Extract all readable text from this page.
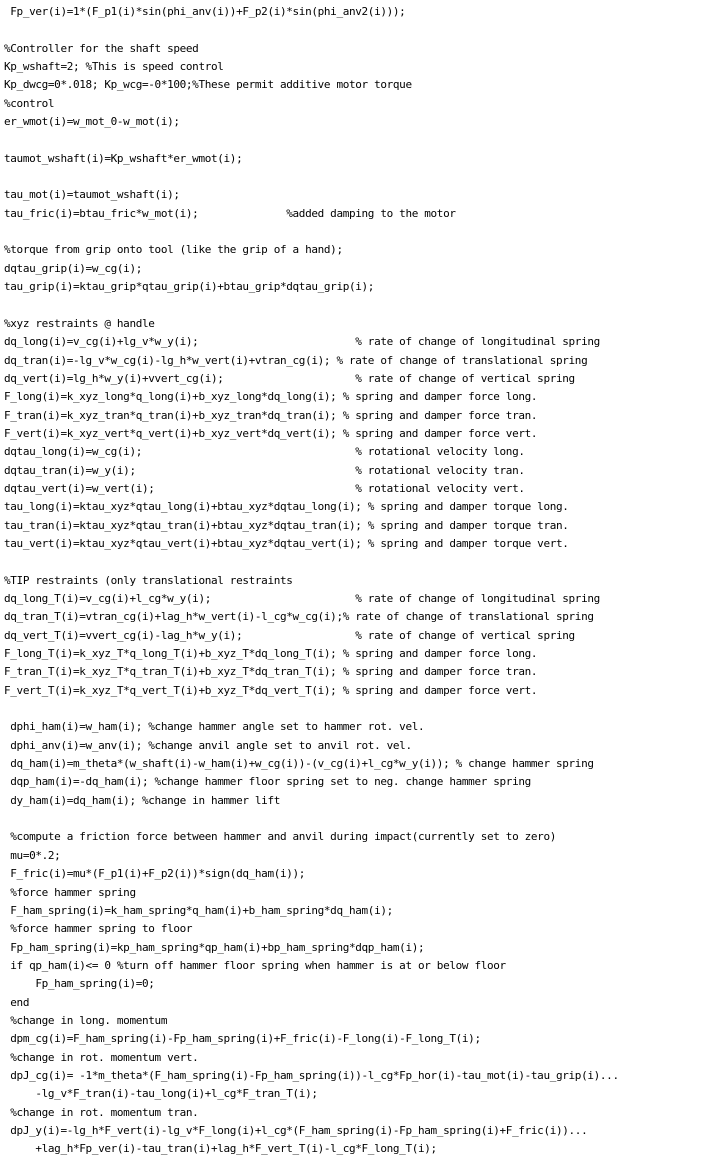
Fp_ver(i)=1*(F_p1(i)*sin(phi_anv(i))+F_p2(i)*sin(phi_anv2(i)));
%Controller for the shaft speed
Kp_wshaft=2; %This is speed control
Kp_dwcg=0*.018; Kp_wcg=-0*100;%These permit additive motor torque
%control
er_wmot(i)=w_mot_0-w_mot(i);
taumot_wshaft(i)=Kp_wshaft*er_wmot(i);
tau_mot(i)=taumot_wshaft(i);
tau_fric(i)=btau_fric*w_mot(i);              %added damping to the motor
%torque from grip onto tool (like the grip of a hand);
dqtau_grip(i)=w_cg(i);
tau_grip(i)=ktau_grip*qtau_grip(i)+btau_grip*dqtau_grip(i);
%xyz restraints @ handle
dq_long(i)=v_cg(i)+lg_v*w_y(i);                         % rate of change of longitudinal spring
dq_tran(i)=-lg_v*w_cg(i)-lg_h*w_vert(i)+vtran_cg(i); % rate of change of translational spring
dq_vert(i)=lg_h*w_y(i)+vvert_cg(i);                     % rate of change of vertical spring
F_long(i)=k_xyz_long*q_long(i)+b_xyz_long*dq_long(i); % spring and damper force long.
F_tran(i)=k_xyz_tran*q_tran(i)+b_xyz_tran*dq_tran(i); % spring and damper force tran.
F_vert(i)=k_xyz_vert*q_vert(i)+b_xyz_vert*dq_vert(i); % spring and damper force vert.
dqtau_long(i)=w_cg(i);                                  % rotational velocity long.
dqtau_tran(i)=w_y(i);                                   % rotational velocity tran.
dqtau_vert(i)=w_vert(i);                                % rotational velocity vert.
tau_long(i)=ktau_xyz*qtau_long(i)+btau_xyz*dqtau_long(i); % spring and damper torque long.
tau_tran(i)=ktau_xyz*qtau_tran(i)+btau_xyz*dqtau_tran(i); % spring and damper torque tran.
tau_vert(i)=ktau_xyz*qtau_vert(i)+btau_xyz*dqtau_vert(i); % spring and damper torque vert.
%TIP restraints (only translational restraints
dq_long_T(i)=v_cg(i)+l_cg*w_y(i);                       % rate of change of longitudinal spring
dq_tran_T(i)=vtran_cg(i)+lag_h*w_vert(i)-l_cg*w_cg(i);% rate of change of translational spring
dq_vert_T(i)=vvert_cg(i)-lag_h*w_y(i);                  % rate of change of vertical spring
F_long_T(i)=k_xyz_T*q_long_T(i)+b_xyz_T*dq_long_T(i); % spring and damper force long.
F_tran_T(i)=k_xyz_T*q_tran_T(i)+b_xyz_T*dq_tran_T(i); % spring and damper force tran.
F_vert_T(i)=k_xyz_T*q_vert_T(i)+b_xyz_T*dq_vert_T(i); % spring and damper force vert.
dphi_ham(i)=w_ham(i); %change hammer angle set to hammer rot. vel.
dphi_anv(i)=w_anv(i); %change anvil angle set to anvil rot. vel.
dq_ham(i)=m_theta*(w_shaft(i)-w_ham(i)+w_cg(i))-(v_cg(i)+l_cg*w_y(i)); % change hammer spring
dqp_ham(i)=-dq_ham(i); %change hammer floor spring set to neg. change hammer spring
dy_ham(i)=dq_ham(i); %change in hammer lift
%compute a friction force between hammer and anvil during impact(currently set to zero)
mu=0*.2;
F_fric(i)=mu*(F_p1(i)+F_p2(i))*sign(dq_ham(i));
%force hammer spring
F_ham_spring(i)=k_ham_spring*q_ham(i)+b_ham_spring*dq_ham(i);
%force hammer spring to floor
Fp_ham_spring(i)=kp_ham_spring*qp_ham(i)+bp_ham_spring*dqp_ham(i);
if qp_ham(i)<= 0 %turn off hammer floor spring when hammer is at or below floor
Fp_ham_spring(i)=0;
end
%change in long. momentum
dpm_cg(i)=F_ham_spring(i)-Fp_ham_spring(i)+F_fric(i)-F_long(i)-F_long_T(i);
%change in rot. momentum vert.
dpJ_cg(i)= -1*m_theta*(F_ham_spring(i)-Fp_ham_spring(i))-l_cg*Fp_hor(i)-tau_mot(i)-tau_grip(i)...
-lg_v*F_tran(i)-tau_long(i)+l_cg*F_tran_T(i);
%change in rot. momentum tran.
dpJ_y(i)=-lg_h*F_vert(i)-lg_v*F_long(i)+l_cg*(F_ham_spring(i)-Fp_ham_spring(i)+F_fric(i))...
+lag_h*Fp_ver(i)-tau_tran(i)+lag_h*F_vert_T(i)-l_cg*F_long_T(i);
